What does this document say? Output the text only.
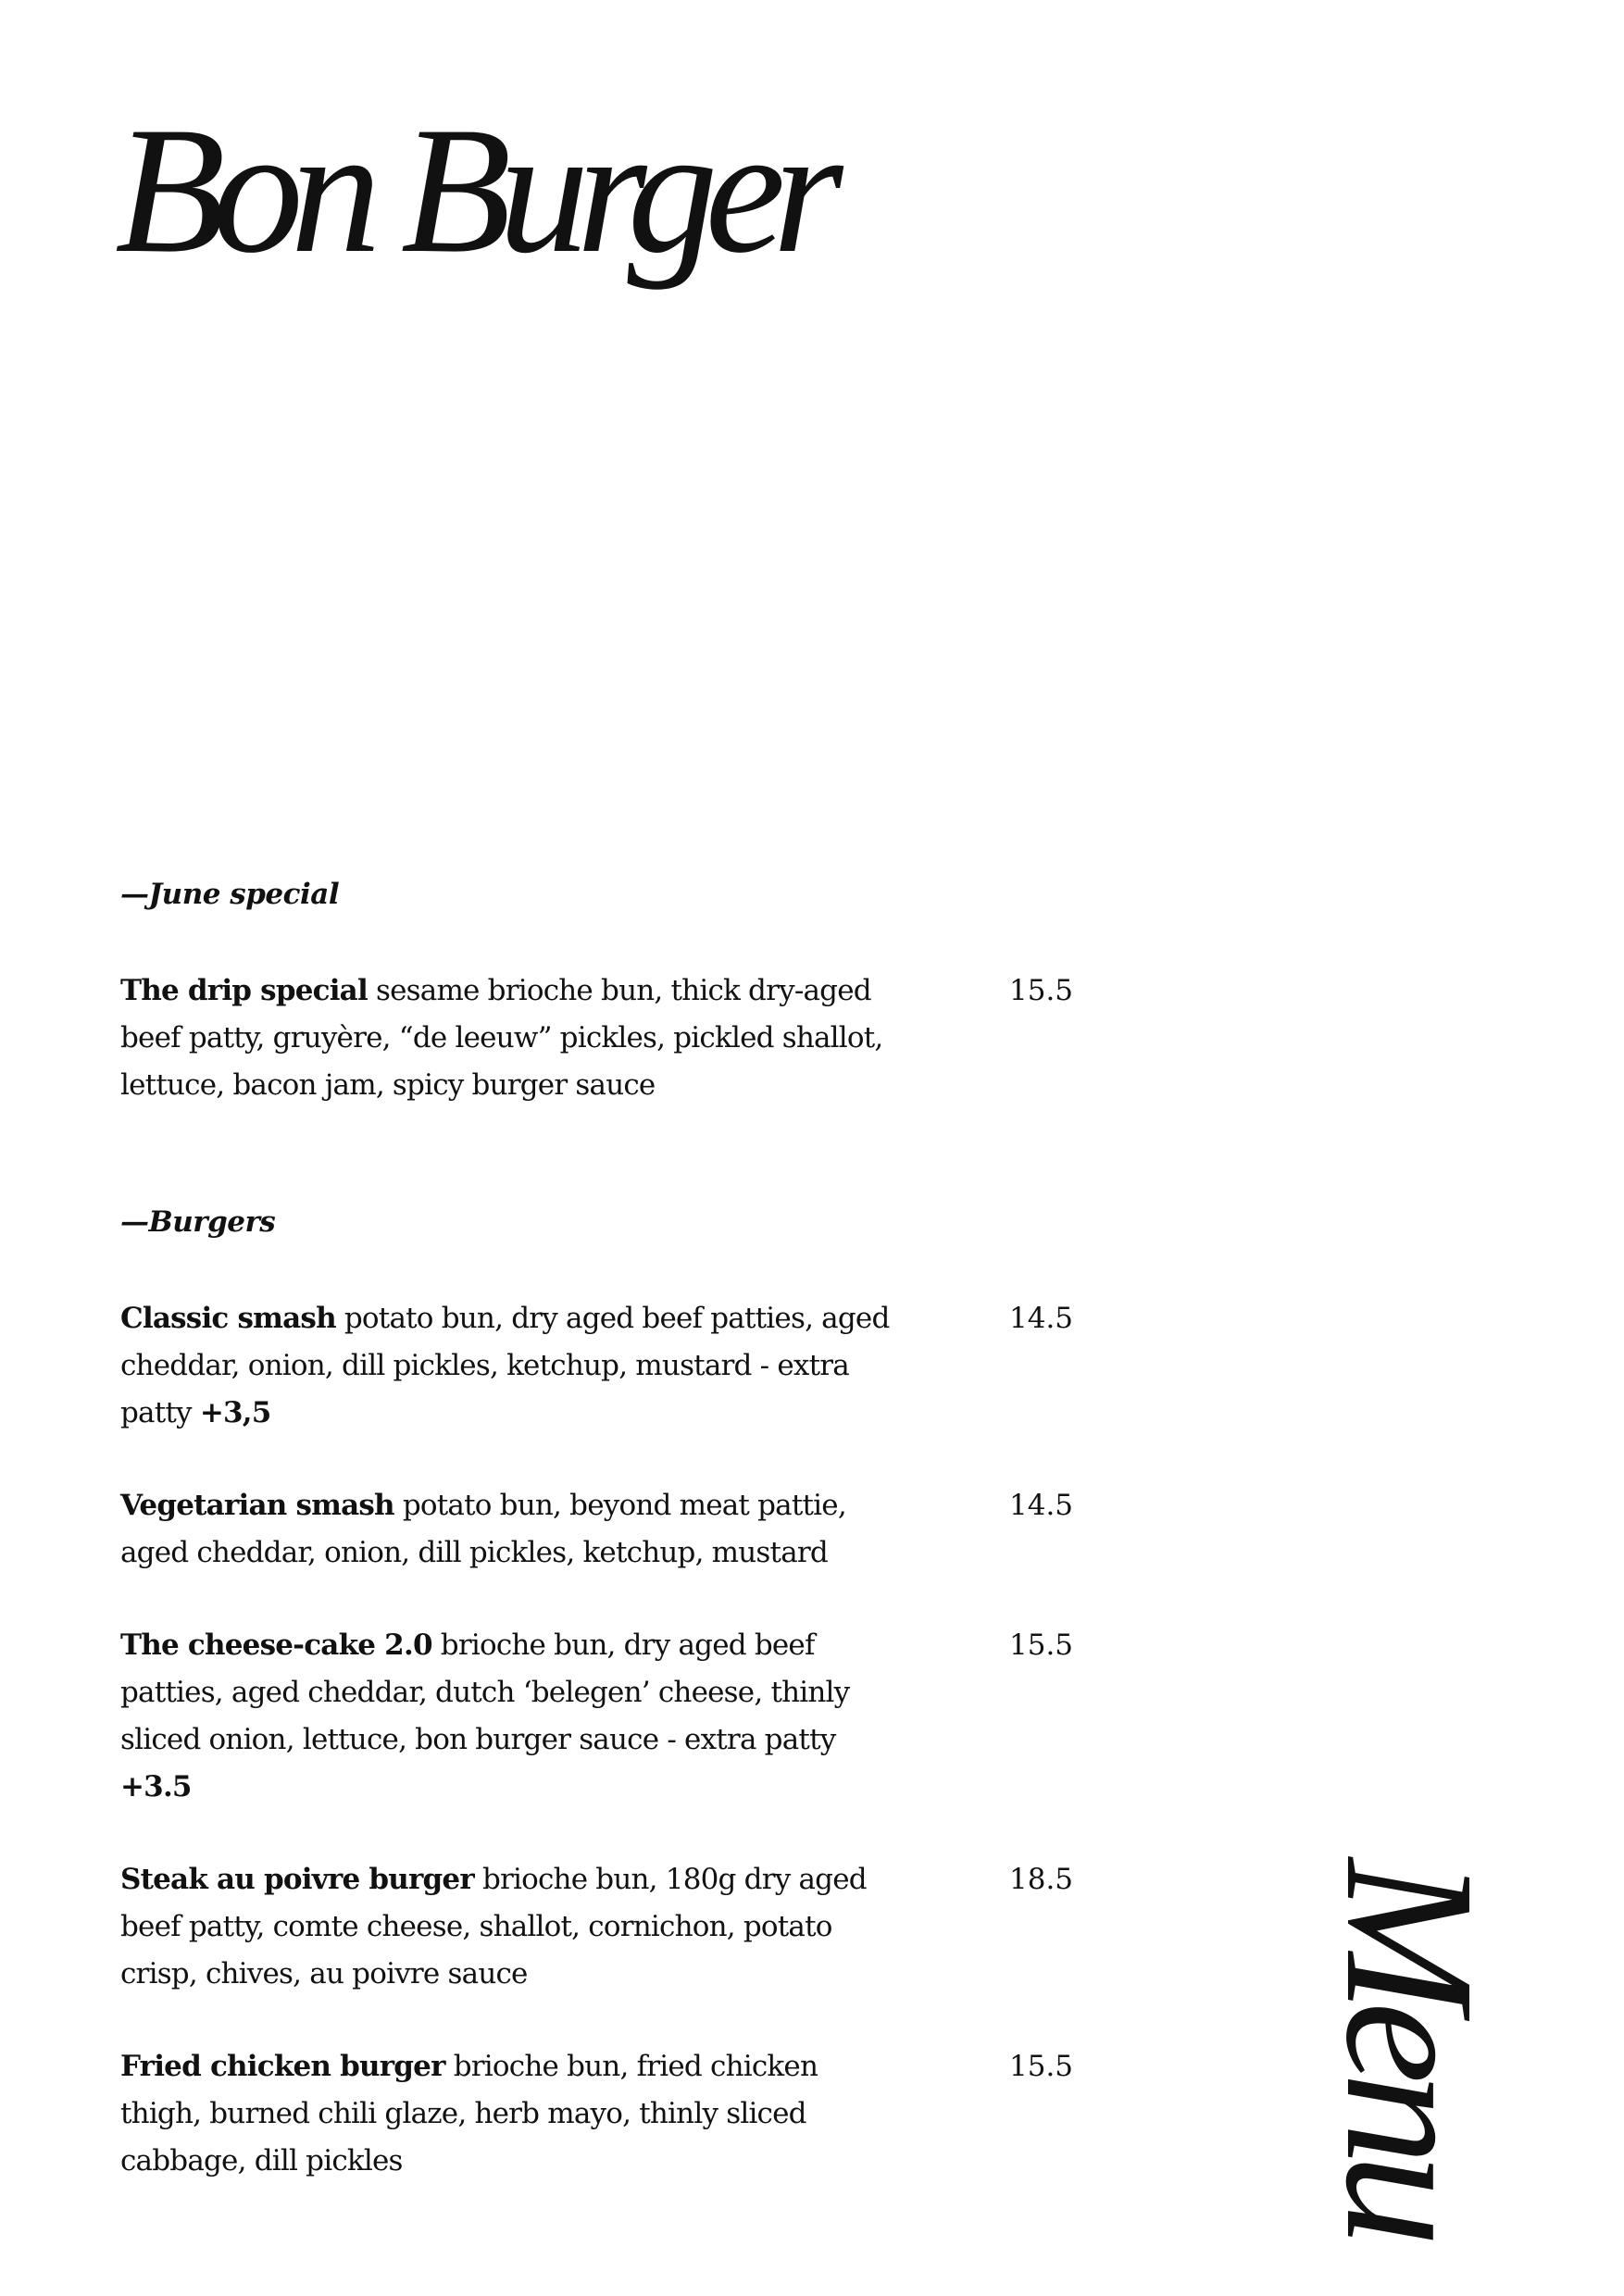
Bon Burger
—June special

The drip special sesame brioche bun, thick dry-aged
beef patty, gruyère, “de leeuw” pickles, pickled shallot,
lettuce, bacon jam, spicy burger sauce

15.5

—Burgers

Classic smash potato bun, dry aged beef patties, aged
cheddar, onion, dill pickles, ketchup, mustard - extra
patty +3,5

14.5

Vegetarian smash potato bun, beyond meat pattie,
aged cheddar, onion, dill pickles, ketchup, mustard

14.5

The cheese-cake 2.0 brioche bun, dry aged beef
patties, aged cheddar, dutch ‘belegen’ cheese, thinly
sliced onion, lettuce, bon burger sauce - extra patty
+3.5

15.5

Steak au poivre burger brioche bun, 180g dry aged
beef patty, comte cheese, shallot, cornichon, potato
crisp, chives, au poivre sauce

18.5

Fried chicken burger brioche bun, fried chicken
thigh, burned chili glaze, herb mayo, thinly sliced
cabbage, dill pickles

15.5 Menu
